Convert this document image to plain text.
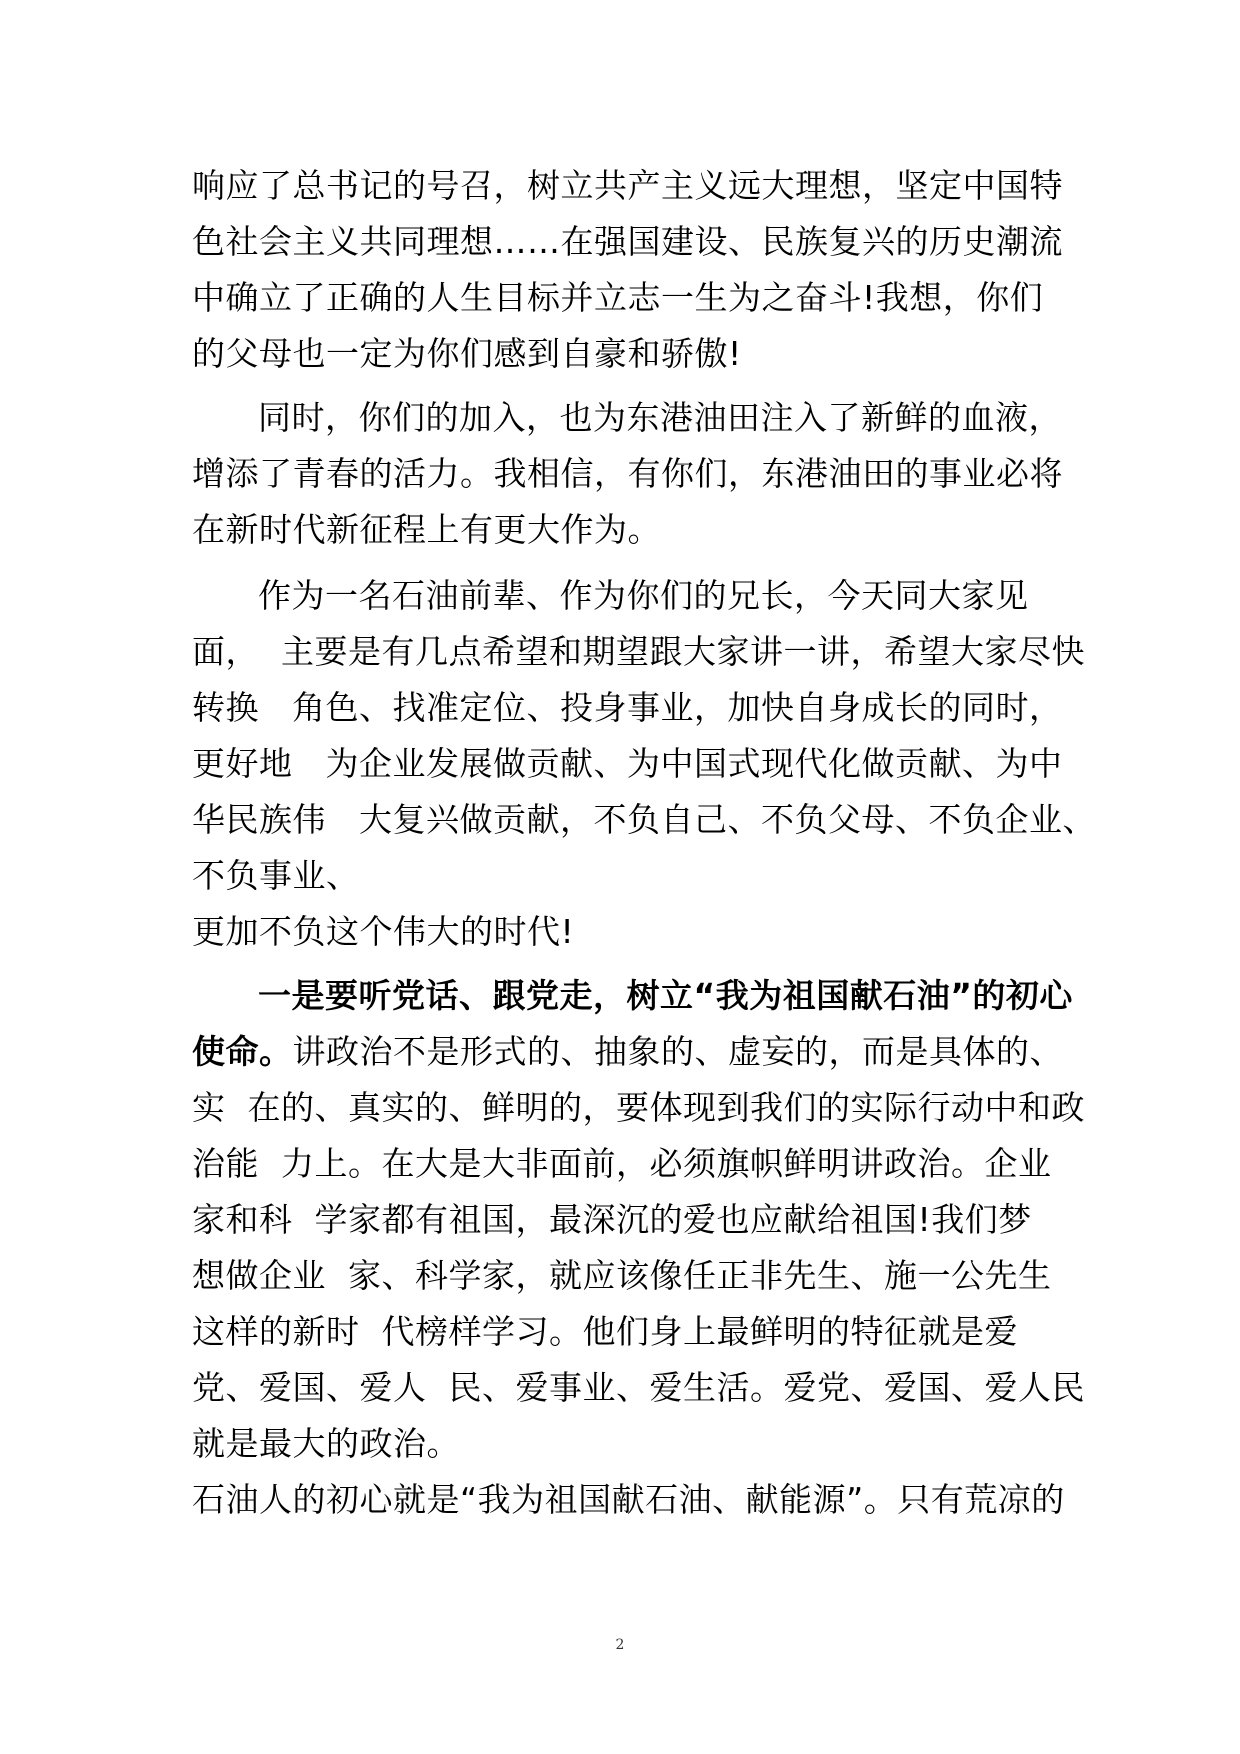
响应了总书记的号召，树立共产主义远大理想，坚定中国特
色社会主义共同理想……在强国建设、民族复兴的历史潮流
中确立了正确的人生目标并立志一生为之奋斗!我想，你们
的父母也一定为你们感到自豪和骄傲!
同时，你们的加入，也为东港油田注入了新鲜的血液，
增添了青春的活力。我相信，有你们，东港油田的事业必将
在新时代新征程上有更大作为。
作为一名石油前辈、作为你们的兄长，今天同大家见
面，  主要是有几点希望和期望跟大家讲一讲，希望大家尽快
转换   角色、找准定位、投身事业，加快自身成长的同时，
更好地   为企业发展做贡献、为中国式现代化做贡献、为中
华民族伟   大复兴做贡献，不负自己、不负父母、不负企业、
不负事业、
更加不负这个伟大的时代!
一是要听党话、跟党走，树立“我为祖国献石油”的初心
使命。讲政治不是形式的、抽象的、虚妄的，而是具体的、
实  在的、真实的、鲜明的，要体现到我们的实际行动中和政
治能  力上。在大是大非面前，必须旗帜鲜明讲政治。企业
家和科  学家都有祖国，最深沉的爱也应献给祖国!我们梦
想做企业  家、科学家，就应该像任正非先生、施一公先生
这样的新时  代榜样学习。他们身上最鲜明的特征就是爱
党、爱国、爱人  民、爱事业、爱生活。爱党、爱国、爱人民
就是最大的政治。
石油人的初心就是“我为祖国献石油、献能源”。只有荒凉的
2
